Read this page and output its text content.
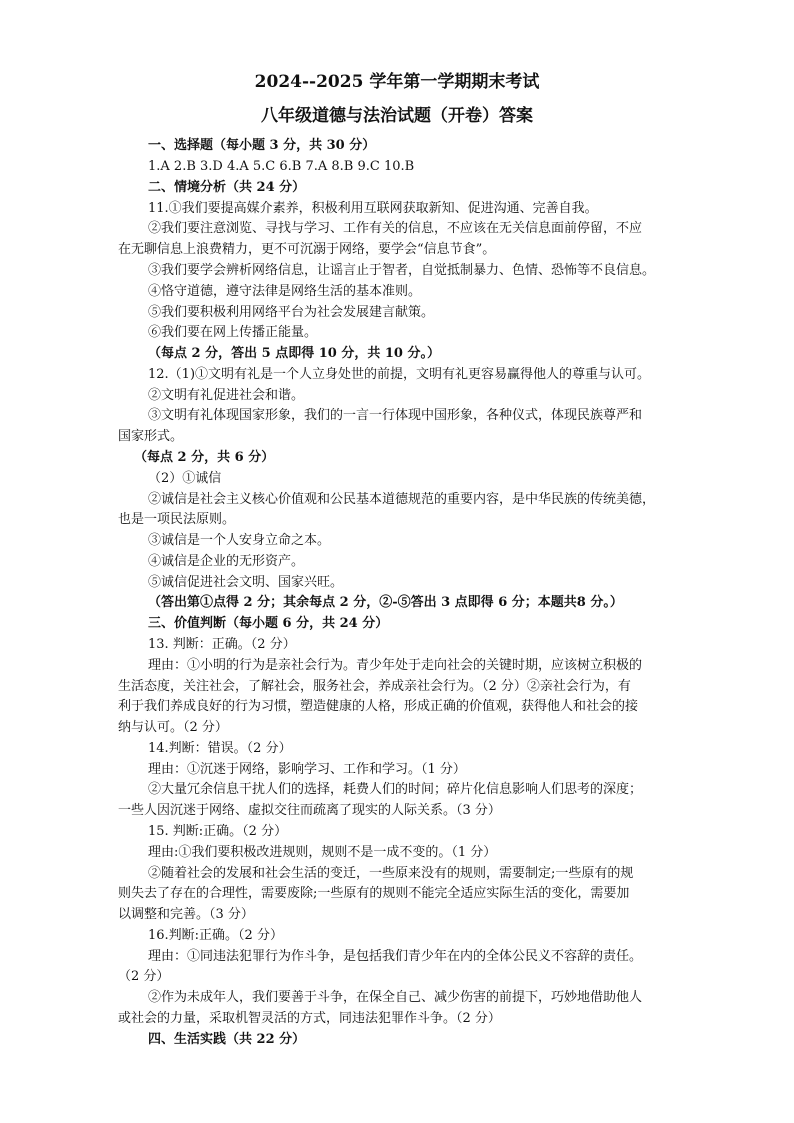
2024--2025 学年第一学期期末考试
八年级道德与法治试题（开卷）答案
一、选择题（每小题 3 分，共 30 分）
1.A 2.B 3.D 4.A 5.C 6.B 7.A 8.B 9.C 10.B
二、情境分析（共 24 分）
11.①我们要提高媒介素养，积极利用互联网获取新知、促进沟通、完善自我。
②我们要注意浏览、寻找与学习、工作有关的信息，不应该在无关信息面前停留，不应
在无聊信息上浪费精力，更不可沉溺于网络，要学会“信息节食”。
③我们要学会辨析网络信息，让谣言止于智者，自觉抵制暴力、色情、恐怖等不良信息。
④恪守道德，遵守法律是网络生活的基本准则。
⑤我们要积极利用网络平台为社会发展建言献策。
⑥我们要在网上传播正能量。
（每点 2 分，答出 5 点即得 10 分，共 10 分。）
12.（1)①文明有礼是一个人立身处世的前提，文明有礼更容易赢得他人的尊重与认可。
②文明有礼促进社会和谐。
③文明有礼体现国家形象，我们的一言一行体现中国形象，各种仪式，体现民族尊严和
国家形式。
（每点 2 分，共 6 分）
（2）①诚信
②诚信是社会主义核心价值观和公民基本道德规范的重要内容，是中华民族的传统美德，
也是一项民法原则。
③诚信是一个人安身立命之本。
④诚信是企业的无形资产。
⑤诚信促进社会文明、国家兴旺。
（答出第①点得 2 分；其余每点 2 分，②-⑤答出 3 点即得 6 分；本题共8 分。）
三、价值判断（每小题 6 分，共 24 分）
13. 判断：正确。（2 分）
理由：①小明的行为是亲社会行为。青少年处于走向社会的关键时期，应该树立积极的
生活态度，关注社会，了解社会，服务社会，养成亲社会行为。（2 分）②亲社会行为，有
利于我们养成良好的行为习惯，塑造健康的人格，形成正确的价值观，获得他人和社会的接
纳与认可。（2 分）
14.判断：错误。（2 分）
理由：①沉迷于网络，影响学习、工作和学习。（1 分）
②大量冗余信息干扰人们的选择，耗费人们的时间；碎片化信息影响人们思考的深度；
一些人因沉迷于网络、虚拟交往而疏离了现实的人际关系。（3 分）
15. 判断:正确。（2 分）
理由:①我们要积极改进规则，规则不是一成不变的。（1 分）
②随着社会的发展和社会生活的变迁，一些原来没有的规则，需要制定;一些原有的规
则失去了存在的合理性，需要废除;一些原有的规则不能完全适应实际生活的变化，需要加
以调整和完善。（3 分）
16.判断:正确。（2 分）
理由：①同违法犯罪行为作斗争，是包括我们青少年在内的全体公民义不容辞的责任。
（2 分）
②作为未成年人，我们要善于斗争，在保全自己、减少伤害的前提下，巧妙地借助他人
或社会的力量，采取机智灵活的方式，同违法犯罪作斗争。（2 分）
四、生活实践（共 22 分）
